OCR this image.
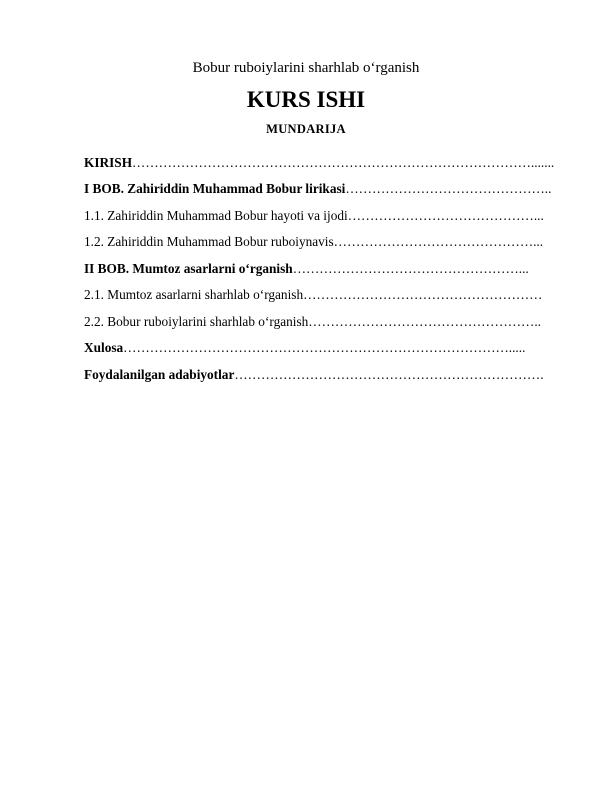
Bobur ruboiylarini sharhlab o‘rganish
KURS ISHI
MUNDARIJA
KIRISH ……………………………………………………………………………….......
I BOB. Zahiriddin Muhammad Bobur lirikasi ………………………………………..
1.1. Zahiriddin Muhammad Bobur hayoti va ijodi ……………………………………...
1.2. Zahiriddin Muhammad Bobur ruboiynavis ………………………………………...
II BOB. Mumtoz asarlarni o‘rganish ……………………………………………...
2.1. Mumtoz asarlarni sharhlab o‘rganish ………………………………………………
2.2. Bobur ruboiylarini sharhlab o‘rganish ……………………………………………..
Xulosa …………………………………………………………………………….....
Foydalanilgan adabiyotlar …………………………………………………………….
